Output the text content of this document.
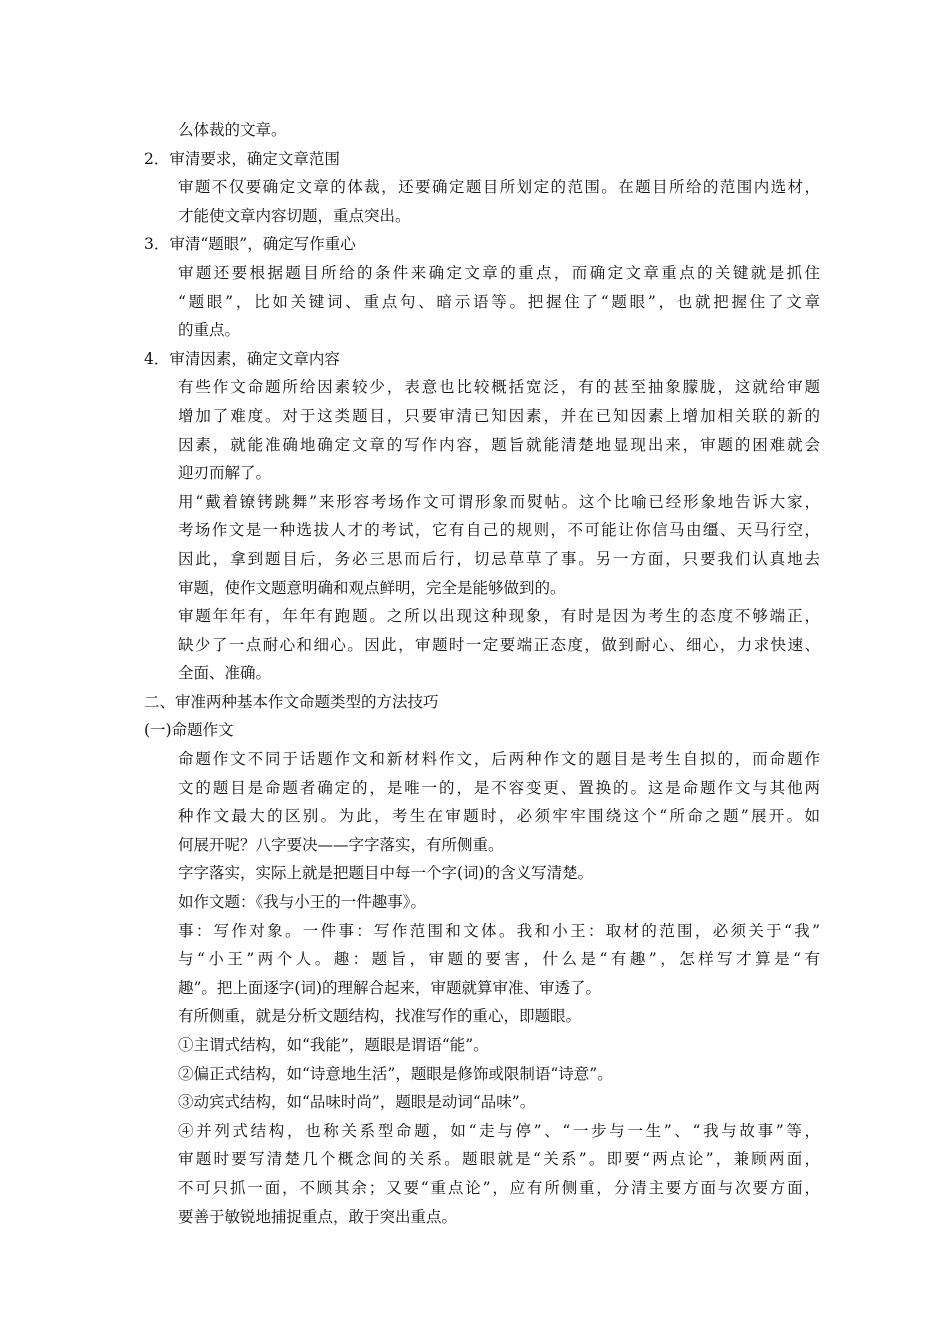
么体裁的文章。
2．审清要求，确定文章范围
审题不仅要确定文章的体裁，还要确定题目所划定的范围。在题目所给的范围内选材，
才能使文章内容切题，重点突出。
3．审清“题眼”，确定写作重心
审题还要根据题目所给的条件来确定文章的重点，而确定文章重点的关键就是抓住
“题眼”，比如关键词、重点句、暗示语等。把握住了“题眼”，也就把握住了文章
的重点。
4．审清因素，确定文章内容
有些作文命题所给因素较少，表意也比较概括宽泛，有的甚至抽象朦胧，这就给审题
增加了难度。对于这类题目，只要审清已知因素，并在已知因素上增加相关联的新的
因素，就能准确地确定文章的写作内容，题旨就能清楚地显现出来，审题的困难就会
迎刃而解了。
用“戴着镣铐跳舞”来形容考场作文可谓形象而熨帖。这个比喻已经形象地告诉大家，
考场作文是一种选拔人才的考试，它有自己的规则，不可能让你信马由缰、天马行空，
因此，拿到题目后，务必三思而后行，切忌草草了事。另一方面，只要我们认真地去
审题，使作文题意明确和观点鲜明，完全是能够做到的。
审题年年有，年年有跑题。之所以出现这种现象，有时是因为考生的态度不够端正，
缺少了一点耐心和细心。因此，审题时一定要端正态度，做到耐心、细心，力求快速、
全面、准确。
二、审准两种基本作文命题类型的方法技巧
(一)命题作文
命题作文不同于话题作文和新材料作文，后两种作文的题目是考生自拟的，而命题作
文的题目是命题者确定的，是唯一的，是不容变更、置换的。这是命题作文与其他两
种作文最大的区别。为此，考生在审题时，必须牢牢围绕这个“所命之题”展开。如
何展开呢？八字要决——字字落实，有所侧重。
字字落实，实际上就是把题目中每一个字(词)的含义写清楚。
如作文题：《我与小王的一件趣事》。
事：写作对象。一件事：写作范围和文体。我和小王：取材的范围，必须关于“我”
与“小王”两个人。趣：题旨，审题的要害，什么是“有趣”，怎样写才算是“有
趣”。把上面逐字(词)的理解合起来，审题就算审准、审透了。
有所侧重，就是分析文题结构，找准写作的重心，即题眼。
①主谓式结构，如“我能”，题眼是谓语“能”。
②偏正式结构，如“诗意地生活”，题眼是修饰或限制语“诗意”。
③动宾式结构，如“品味时尚”，题眼是动词“品味”。
④并列式结构，也称关系型命题，如“走与停”、“一步与一生”、“我与故事”等，
审题时要写清楚几个概念间的关系。题眼就是“关系”。即要“两点论”，兼顾两面，
不可只抓一面，不顾其余；又要“重点论”，应有所侧重，分清主要方面与次要方面，
要善于敏锐地捕捉重点，敢于突出重点。
